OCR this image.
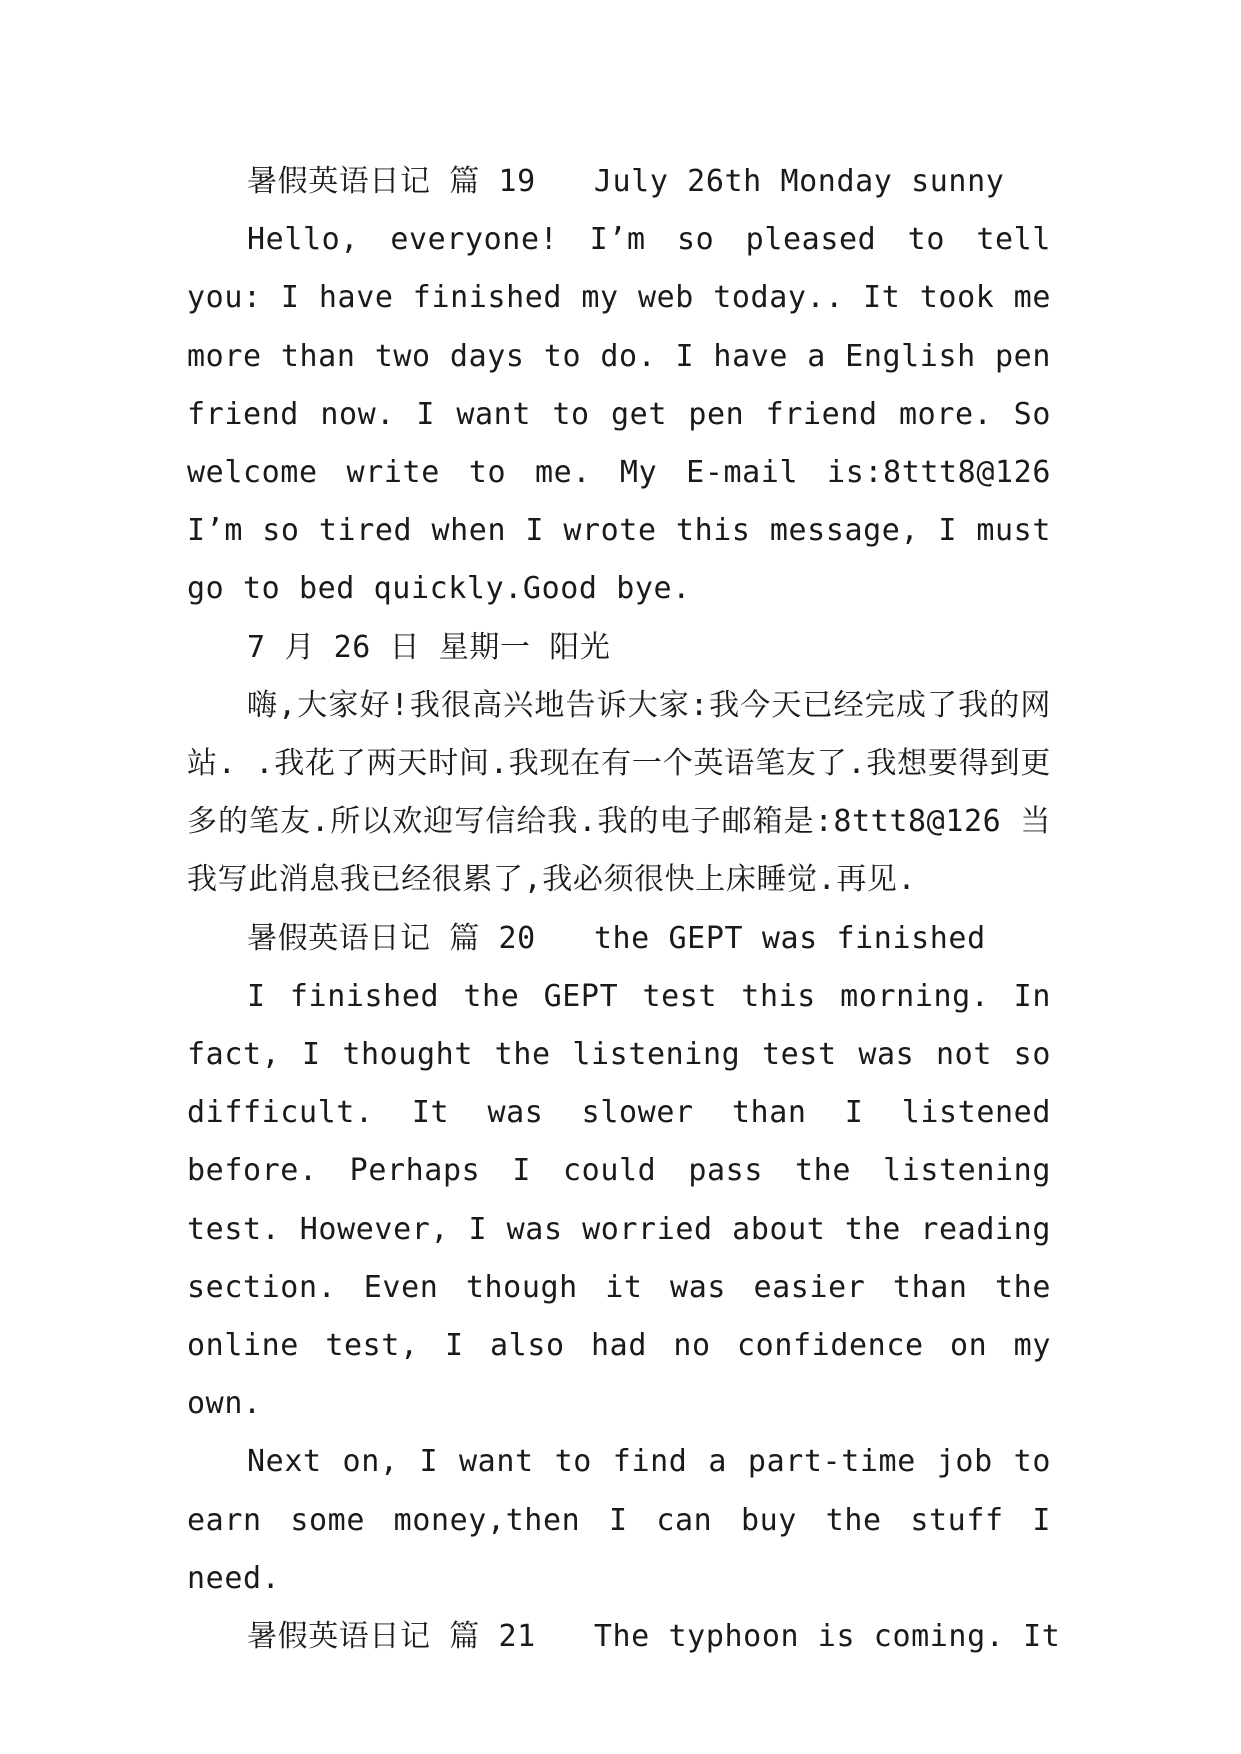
暑假英语日记 篇 19 July 26th Monday sunny

Hello, everyone! I’m so pleased to tell you: I have finished my web today.. It took me more than two days to do. I have a English pen friend now. I want to get pen friend more. So welcome write to me. My E-mail is:8ttt8@126 I’m so tired when I wrote this message, I must go to bed quickly.Good bye.

7 月 26 日 星期一 阳光

嗨,大家好!我很高兴地告诉大家:我今天已经完成了我的网站. .我花了两天时间.我现在有一个英语笔友了.我想要得到更多的笔友.所以欢迎写信给我.我的电子邮箱是:8ttt8@126 当我写此消息我已经很累了,我必须很快上床睡觉.再见.

暑假英语日记 篇 20 the GEPT was finished

I finished the GEPT test this morning. In fact, I thought the listening test was not so difficult. It was slower than I listened before. Perhaps I could pass the listening test. However, I was worried about the reading section. Even though it was easier than the online test, I also had no confidence on my own.

Next on, I want to find a part-time job to earn some money,then I can buy the stuff I need.

暑假英语日记 篇 21 The typhoon is coming. It
